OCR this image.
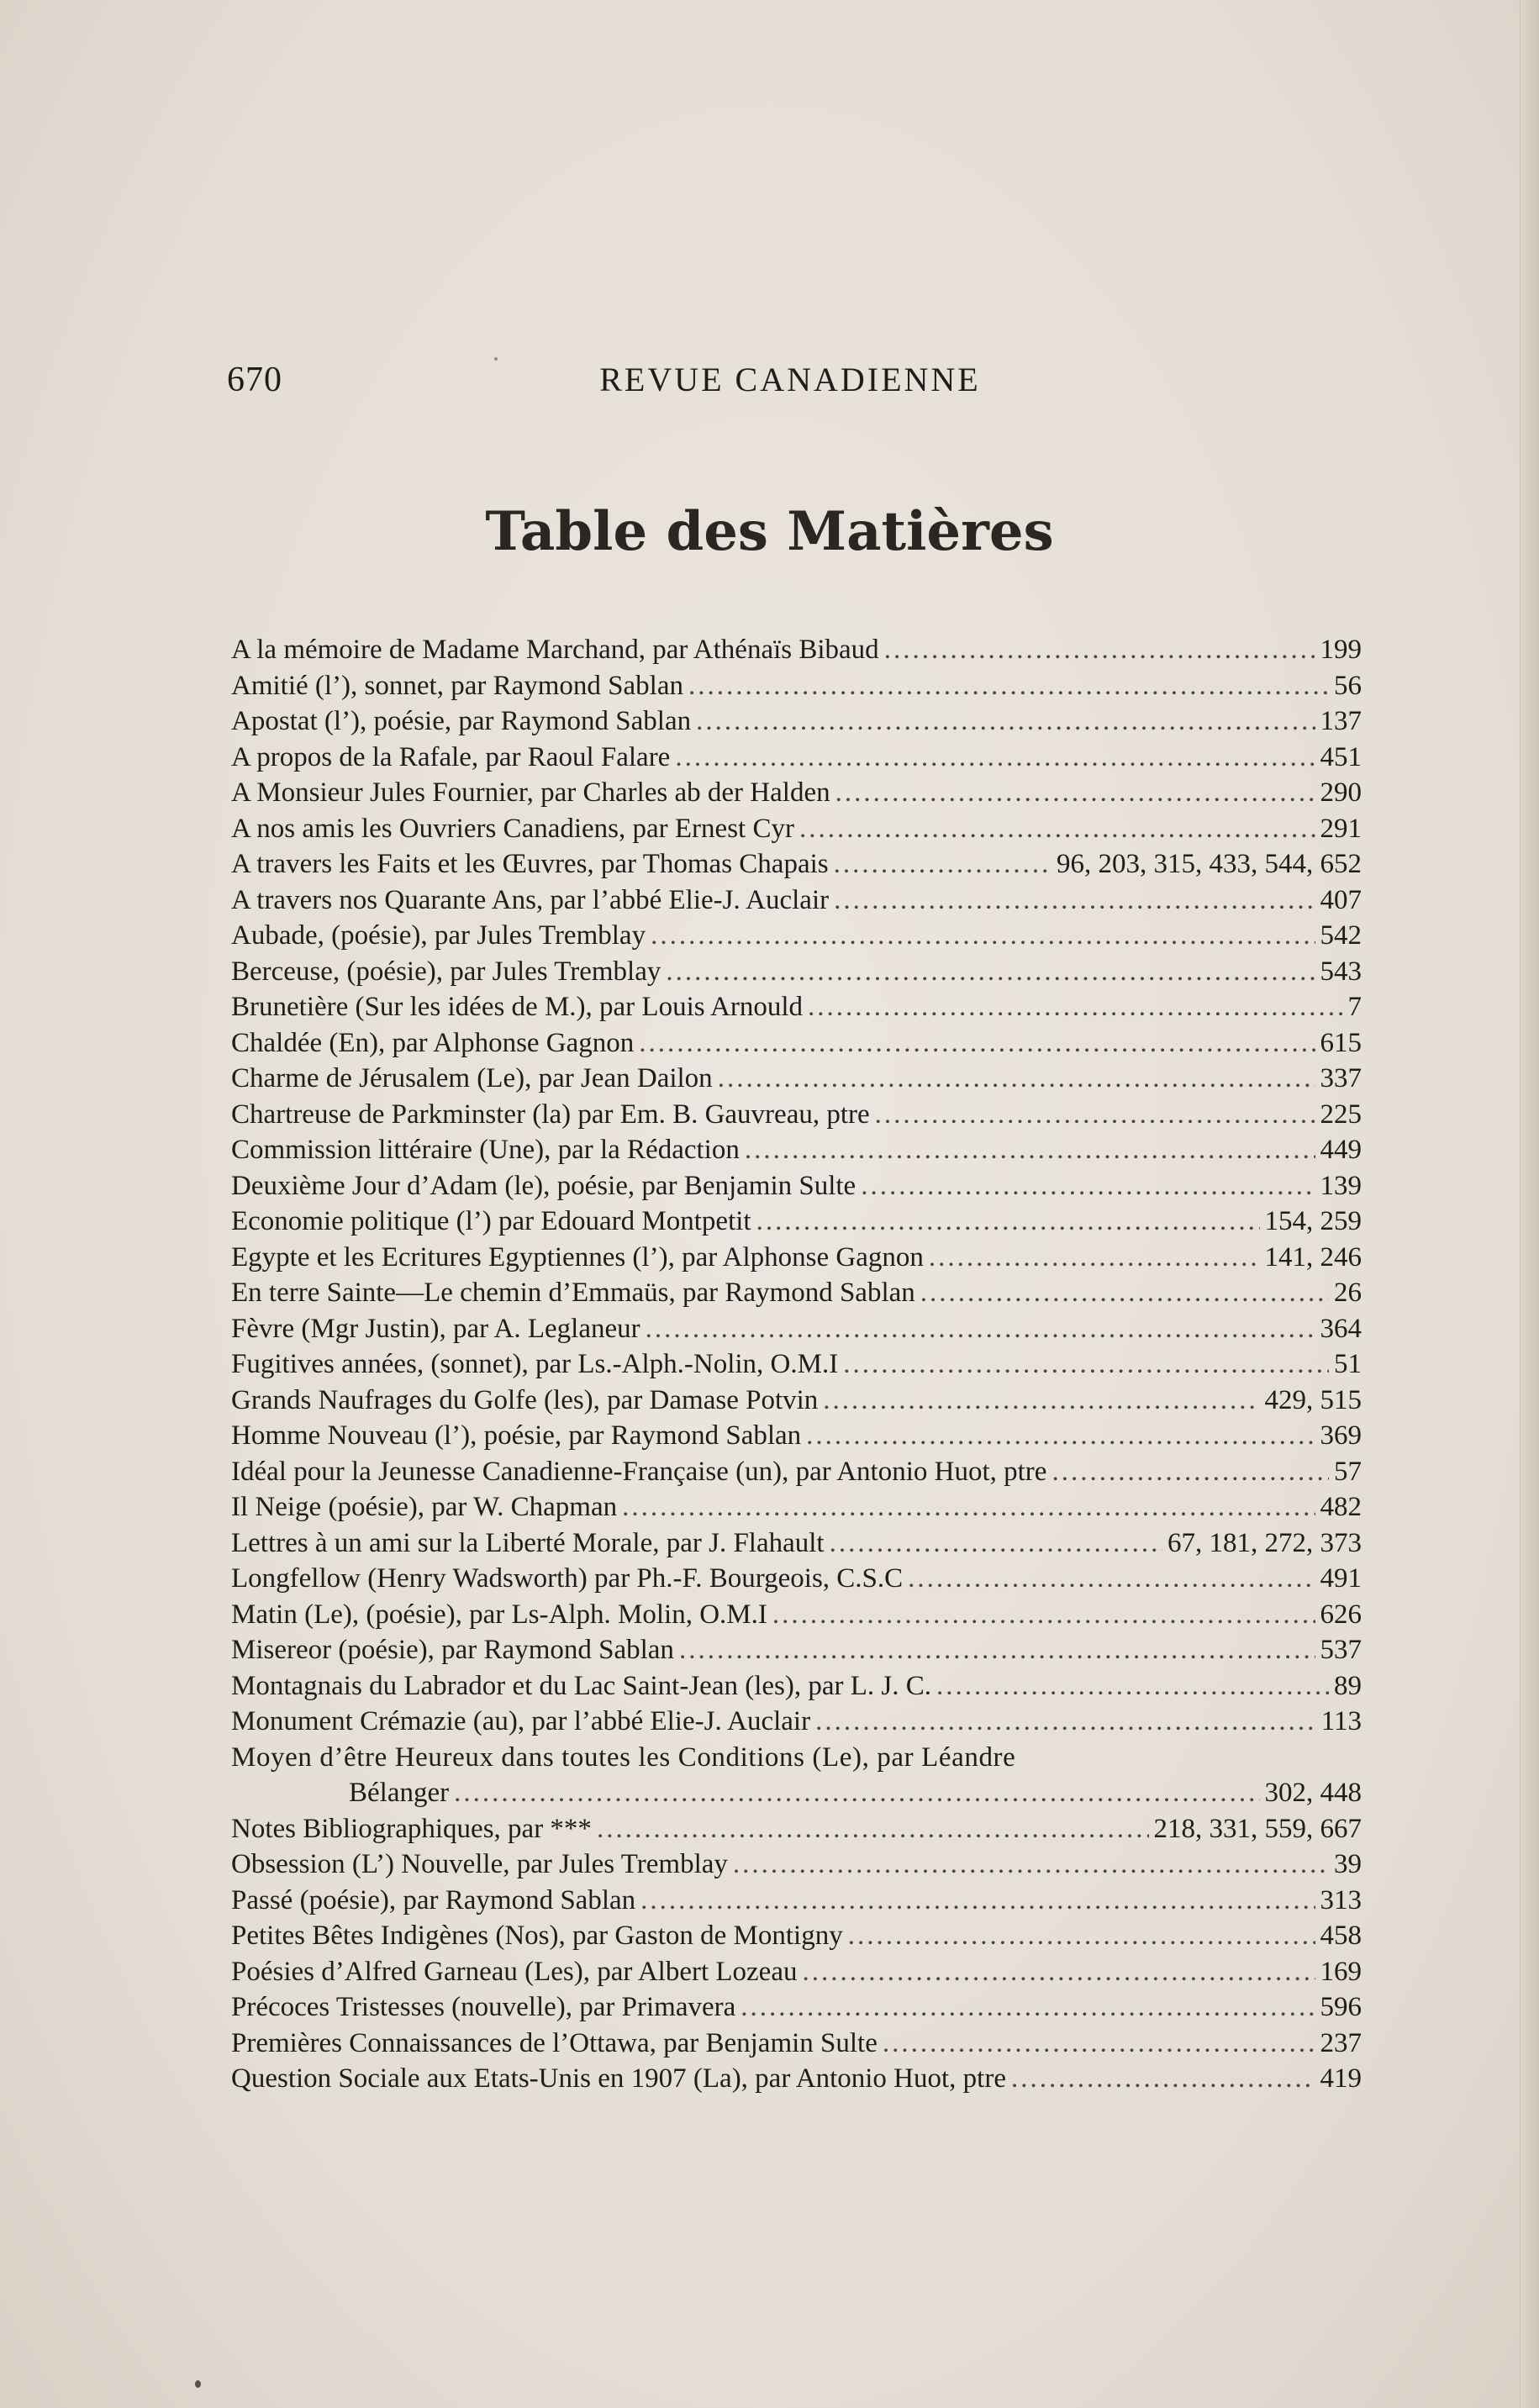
670	REVUE CANADIENNE
Table des Matières
A la mémoire de Madame Marchand, par Athénaïs Bibaud .....	199
Amitié (l’), sonnet, par Raymond Sablan .....	56
Apostat (l’), poésie, par Raymond Sablan .....	137
A propos de la Rafale, par Raoul Falare .....	451
A Monsieur Jules Fournier, par Charles ab der Halden .....	290
A nos amis les Ouvriers Canadiens, par Ernest Cyr .....	291
A travers les Faits et les Œuvres, par Thomas Chapais .....	96, 203, 315, 433, 544, 652
A travers nos Quarante Ans, par l’abbé Elie-J. Auclair .....	407
Aubade, (poésie), par Jules Tremblay .....	542
Berceuse, (poésie), par Jules Tremblay .....	543
Brunetière (Sur les idées de M.), par Louis Arnould .....	7
Chaldée (En), par Alphonse Gagnon .....	615
Charme de Jérusalem (Le), par Jean Dailon .....	337
Chartreuse de Parkminster (la) par Em. B. Gauvreau, ptre .....	225
Commission littéraire (Une), par la Rédaction .....	449
Deuxième Jour d’Adam (le), poésie, par Benjamin Sulte .....	139
Economie politique (l’) par Edouard Montpetit .....	154, 259
Egypte et les Ecritures Egyptiennes (l’), par Alphonse Gagnon .....	141, 246
En terre Sainte—Le chemin d’Emmaüs, par Raymond Sablan .....	26
Fèvre (Mgr Justin), par A. Leglaneur .....	364
Fugitives années, (sonnet), par Ls.-Alph.-Nolin, O.M.I .....	51
Grands Naufrages du Golfe (les), par Damase Potvin .....	429, 515
Homme Nouveau (l’), poésie, par Raymond Sablan .....	369
Idéal pour la Jeunesse Canadienne-Française (un), par Antonio Huot, ptre .....	57
Il Neige (poésie), par W. Chapman .....	482
Lettres à un ami sur la Liberté Morale, par J. Flahault .....	67, 181, 272, 373
Longfellow (Henry Wadsworth) par Ph.-F. Bourgeois, C.S.C .....	491
Matin (Le), (poésie), par Ls-Alph. Molin, O.M.I .....	626
Misereor (poésie), par Raymond Sablan .....	537
Montagnais du Labrador et du Lac Saint-Jean (les), par L. J. C. .....	89
Monument Crémazie (au), par l’abbé Elie-J. Auclair .....	113
Moyen d’être Heureux dans toutes les Conditions (Le), par Léandre
Bélanger .....	302, 448
Notes Bibliographiques, par *** .....	218, 331, 559, 667
Obsession (L’) Nouvelle, par Jules Tremblay .....	39
Passé (poésie), par Raymond Sablan .....	313
Petites Bêtes Indigènes (Nos), par Gaston de Montigny .....	458
Poésies d’Alfred Garneau (Les), par Albert Lozeau .....	169
Précoces Tristesses (nouvelle), par Primavera .....	596
Premières Connaissances de l’Ottawa, par Benjamin Sulte .....	237
Question Sociale aux Etats-Unis en 1907 (La), par Antonio Huot, ptre .....	419
